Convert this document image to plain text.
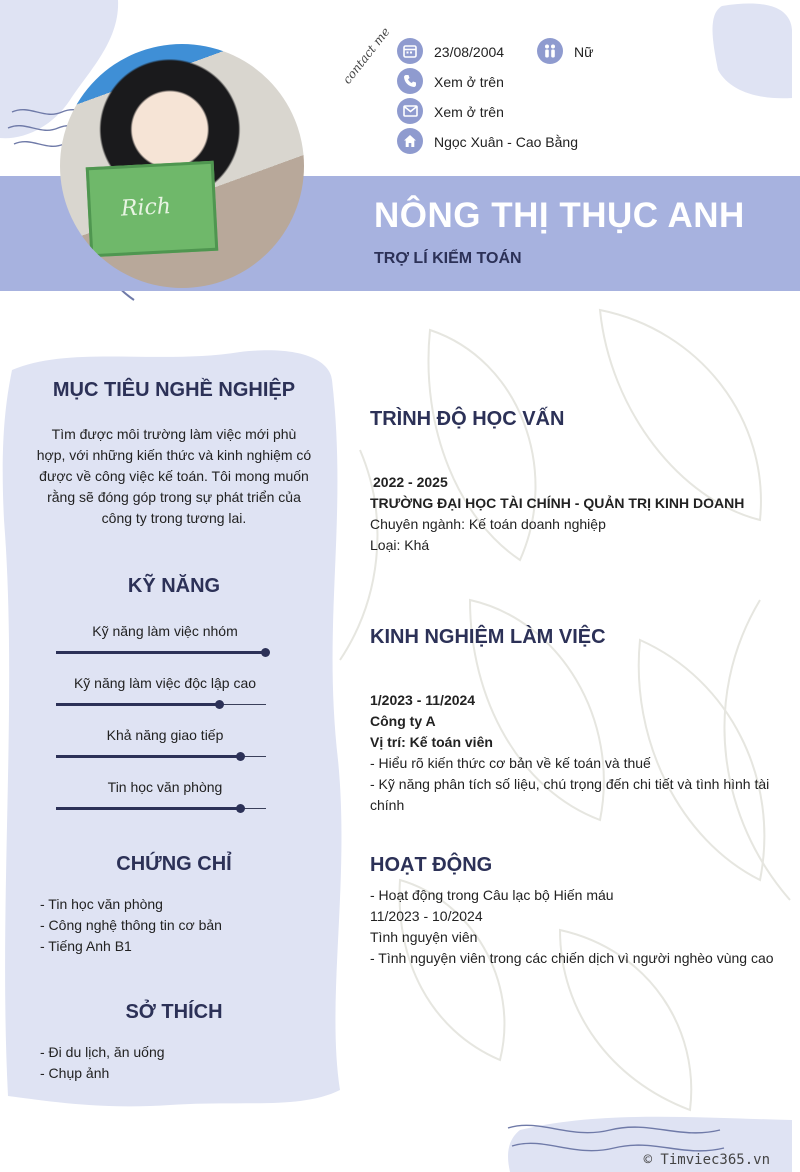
Rich
contact me	23/08/2004	Nữ
Xem ở trên
Xem ở trên
Ngọc Xuân - Cao Bằng
NÔNG THỊ THỤC ANH
TRỢ LÍ KIỂM TOÁN
MỤC TIÊU NGHỀ NGHIỆP
Tìm được môi trường làm việc mới phù hợp, với những kiến thức và kinh nghiệm có được về công việc kế toán. Tôi mong muốn rằng sẽ đóng góp trong sự phát triển của công ty trong tương lai.
KỸ NĂNG
Kỹ năng làm việc nhóm
Kỹ năng làm việc độc lập cao
Khả năng giao tiếp
Tin học văn phòng
CHỨNG CHỈ
- Tin học văn phòng
- Công nghệ thông tin cơ bản
- Tiếng Anh B1
SỞ THÍCH
- Đi du lịch, ăn uống
- Chụp ảnh
TRÌNH ĐỘ HỌC VẤN
2022 - 2025
TRƯỜNG ĐẠI HỌC TÀI CHÍNH - QUẢN TRỊ KINH DOANH
Chuyên ngành: Kế toán doanh nghiệp
Loại: Khá
KINH NGHIỆM LÀM VIỆC
1/2023 - 11/2024
Công ty A
Vị trí: Kế toán viên
- Hiểu rõ kiến thức cơ bản về kế toán và thuế
- Kỹ năng phân tích số liệu, chú trọng đến chi tiết và tình hình tài chính
HOẠT ĐỘNG
- Hoạt động trong Câu lạc bộ Hiến máu
11/2023 - 10/2024
Tình nguyện viên
- Tình nguyện viên trong các chiến dịch vì người nghèo vùng cao
© Timviec365.vn
